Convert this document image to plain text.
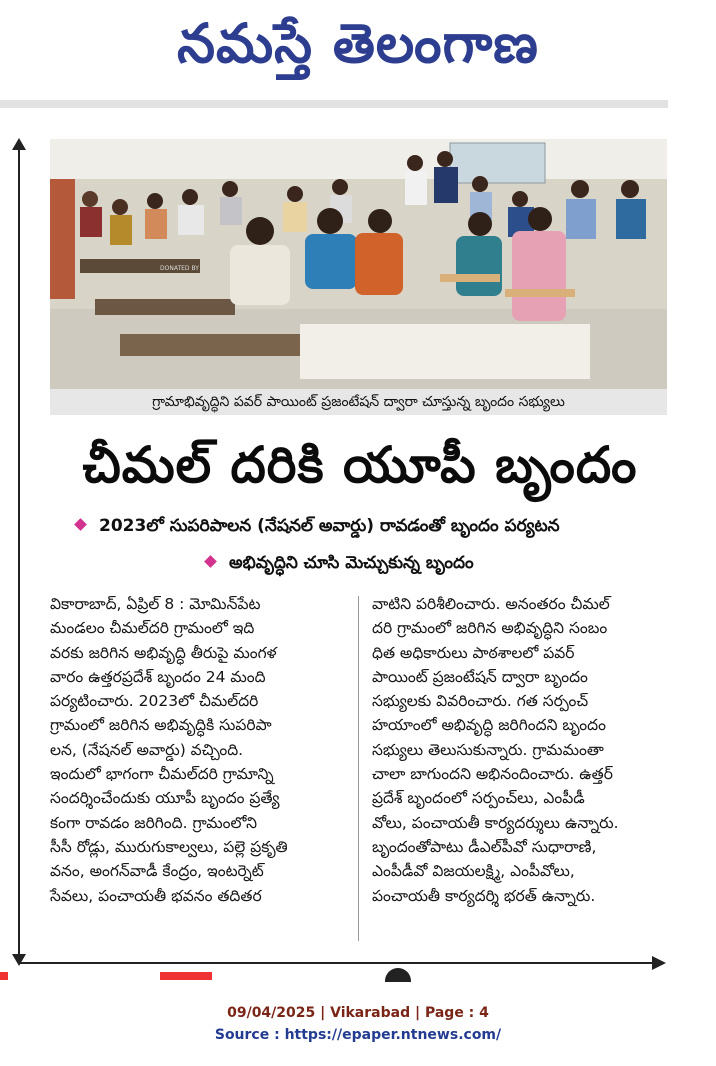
నమస్తే తెలంగాణ
DONATED BY
గ్రామాభివృద్ధిని పవర్ పాయింట్ ప్రజంటేషన్ ద్వారా చూస్తున్న బృందం సభ్యులు
చీమల్ దరికి యూపీ బృందం
2023లో సుపరిపాలన (నేషనల్ అవార్డు) రావడంతో బృందం పర్యటన
అభివృద్ధిని చూసి మెచ్చుకున్న బృందం
వికారాబాద్, ఏప్రిల్ 8 : మోమిన్‌పేట
మండలం చీమల్‌దరి గ్రామంలో ఇది
వరకు జరిగిన అభివృద్ధి తీరుపై మంగళ
వారం ఉత్తరప్రదేశ్ బృందం 24 మంది
పర్యటించారు. 2023లో చీమల్‌దరి
గ్రామంలో జరిగిన అభివృద్ధికి సుపరిపా
లన, (నేషనల్ అవార్డు) వచ్చింది.
ఇందులో భాగంగా చీమల్‌దరి గ్రామాన్ని
సందర్శించేందుకు యూపీ బృందం ప్రత్యే
కంగా రావడం జరిగింది. గ్రామంలోని
సీసీ రోడ్లు, మురుగుకాల్వలు, పల్లె ప్రకృతి
వనం, అంగన్‌వాడీ కేంద్రం, ఇంటర్నెట్
సేవలు, పంచాయతీ భవనం తదితర
వాటిని పరిశీలించారు. అనంతరం చీమల్
దరి గ్రామంలో జరిగిన అభివృద్ధిని సంబం
ధిత అధికారులు పాఠశాలలో పవర్
పాయింట్ ప్రజంటేషన్ ద్వారా బృందం
సభ్యులకు వివరించారు. గత సర్పంచ్
హయాంలో అభివృద్ధి జరిగిందని బృందం
సభ్యులు తెలుసుకున్నారు. గ్రామమంతా
చాలా బాగుందని అభినందించారు. ఉత్తర్
ప్రదేశ్ బృందంలో సర్పంచ్‌లు, ఎంపీడీ
వోలు, పంచాయతీ కార్యదర్శులు ఉన్నారు.
బృందంతోపాటు డీఎల్‌పీవో సుధారాణి,
ఎంపీడీవో విజయలక్ష్మి, ఎంపీవోలు,
పంచాయతీ కార్యదర్శి భరత్ ఉన్నారు.
09/04/2025 | Vikarabad | Page : 4
Source : https://epaper.ntnews.com/
